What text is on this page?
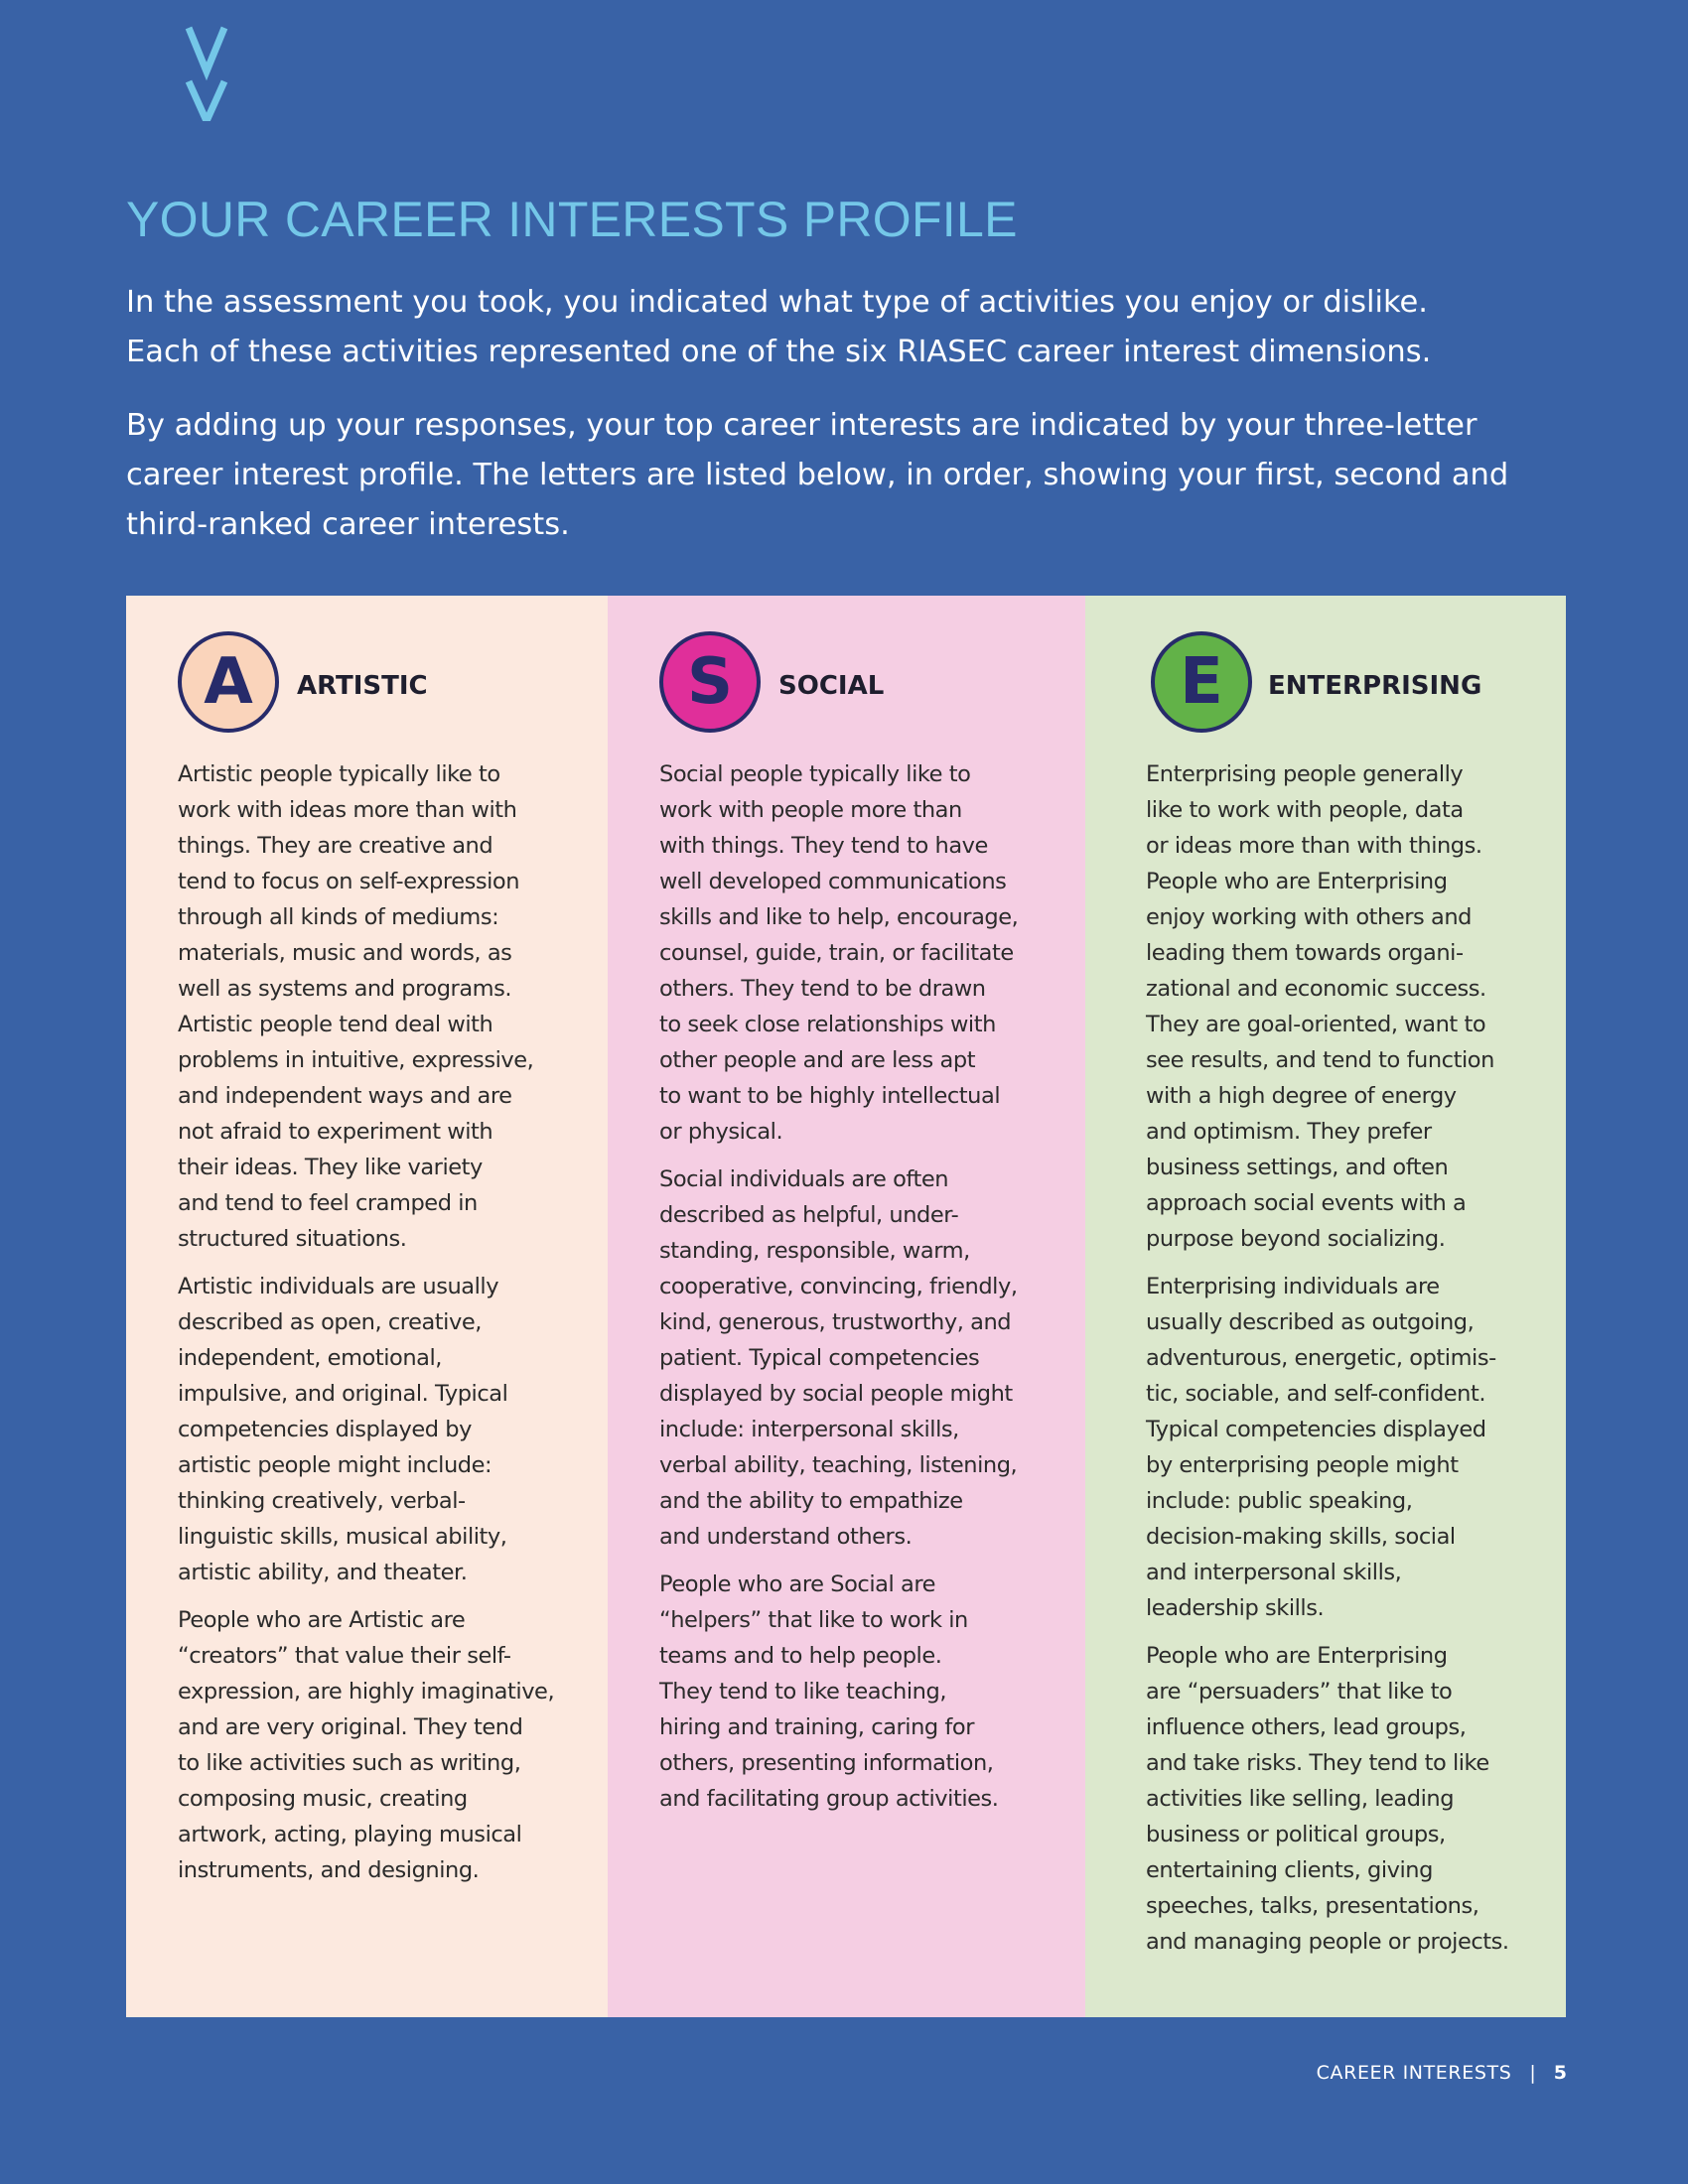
YOUR CAREER INTERESTS PROFILE

In the assessment you took, you indicated what type of activities you enjoy or dislike.
Each of these activities represented one of the six RIASEC career interest dimensions.

By adding up your responses, your top career interests are indicated by your three-letter
career interest profile. The letters are listed below, in order, showing your first, second and
third-ranked career interests.

A	ARTISTIC

Artistic people typically like to
work with ideas more than with
things. They are creative and
tend to focus on self-expression
through all kinds of mediums:
materials, music and words, as
well as systems and programs.
Artistic people tend deal with
problems in intuitive, expressive,
and independent ways and are
not afraid to experiment with
their ideas. They like variety
and tend to feel cramped in
structured situations.

Artistic individuals are usually
described as open, creative,
independent, emotional,
impulsive, and original. Typical
competencies displayed by
artistic people might include:
thinking creatively, verbal-
linguistic skills, musical ability,
artistic ability, and theater.

People who are Artistic are
“creators” that value their self-
expression, are highly imaginative,
and are very original. They tend
to like activities such as writing,
composing music, creating
artwork, acting, playing musical
instruments, and designing.

S	SOCIAL

Social people typically like to
work with people more than
with things. They tend to have
well developed communications
skills and like to help, encourage,
counsel, guide, train, or facilitate
others. They tend to be drawn
to seek close relationships with
other people and are less apt
to want to be highly intellectual
or physical.

Social individuals are often
described as helpful, under-
standing, responsible, warm,
cooperative, convincing, friendly,
kind, generous, trustworthy, and
patient. Typical competencies
displayed by social people might
include: interpersonal skills,
verbal ability, teaching, listening,
and the ability to empathize
and understand others.

People who are Social are
“helpers” that like to work in
teams and to help people.
They tend to like teaching,
hiring and training, caring for
others, presenting information,
and facilitating group activities.

E	ENTERPRISING

Enterprising people generally
like to work with people, data
or ideas more than with things.
People who are Enterprising
enjoy working with others and
leading them towards organi-
zational and economic success.
They are goal-oriented, want to
see results, and tend to function
with a high degree of energy
and optimism. They prefer
business settings, and often
approach social events with a
purpose beyond socializing.

Enterprising individuals are
usually described as outgoing,
adventurous, energetic, optimis-
tic, sociable, and self-confident.
Typical competencies displayed
by enterprising people might
include: public speaking,
decision-making skills, social
and interpersonal skills,
leadership skills.

People who are Enterprising
are “persuaders” that like to
influence others, lead groups,
and take risks. They tend to like
activities like selling, leading
business or political groups,
entertaining clients, giving
speeches, talks, presentations,
and managing people or projects.

CAREER INTERESTS | 5
